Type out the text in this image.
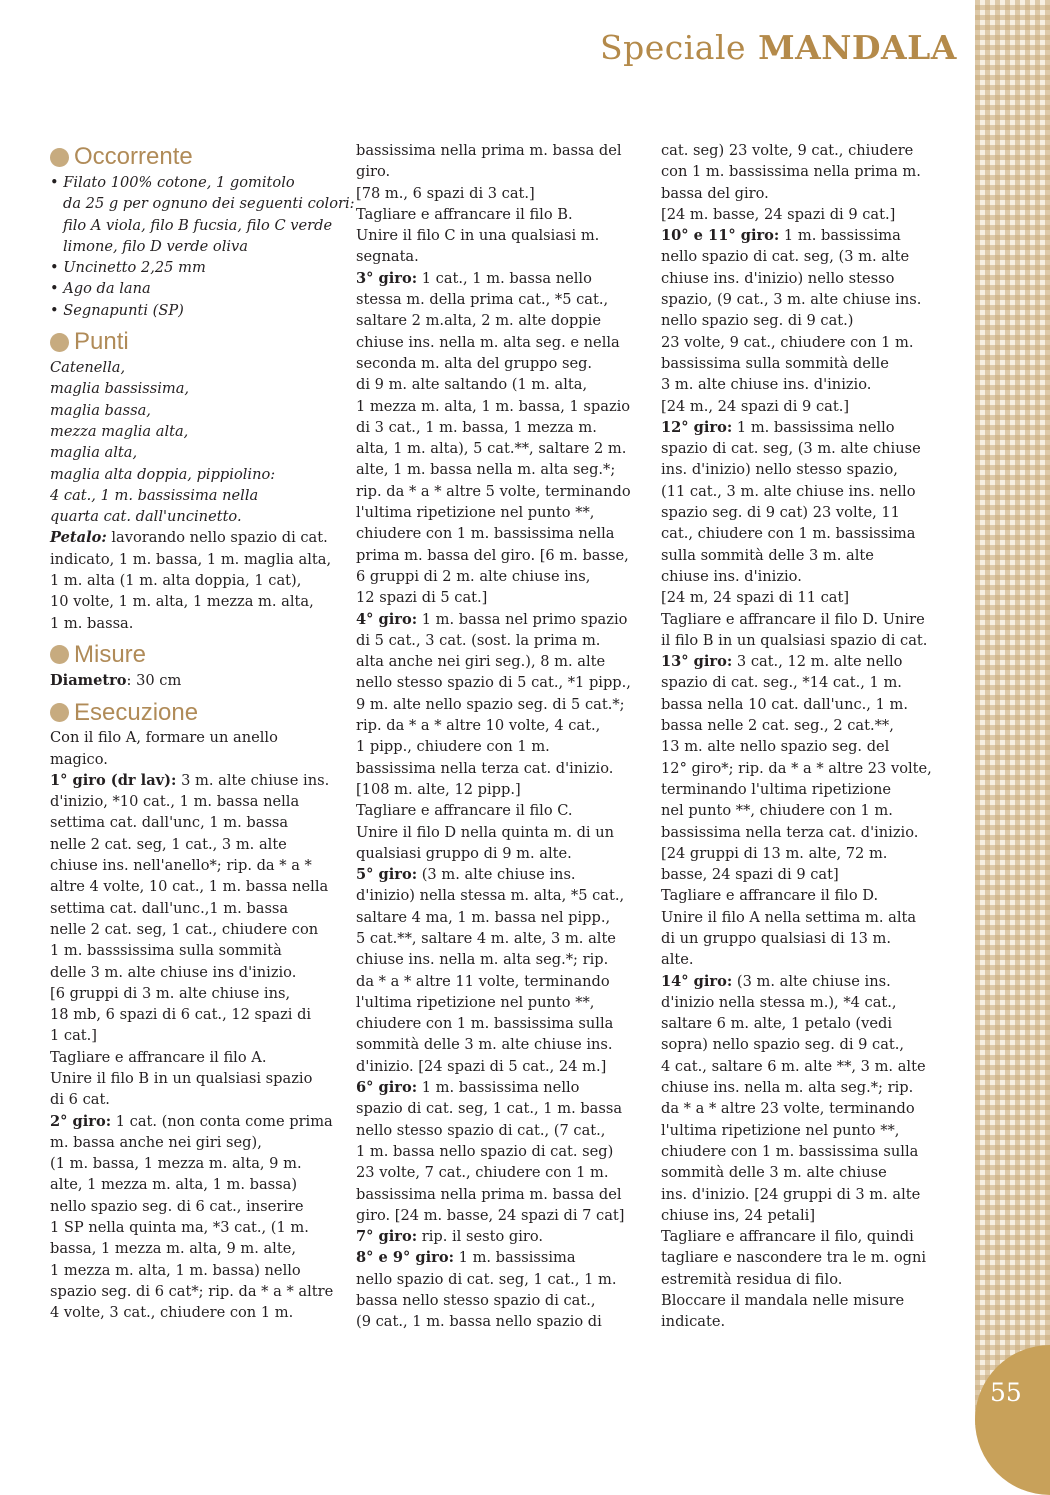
55
Speciale MANDALA
Occorrente
• Filato 100% cotone, 1 gomitolo
da 25 g per ognuno dei seguenti colori:
filo A viola, filo B fucsia, filo C verde
limone, filo D verde oliva
• Uncinetto 2,25 mm
• Ago da lana
• Segnapunti (SP)
Punti
Catenella,
maglia bassissima,
maglia bassa,
mezza maglia alta,
maglia alta,
maglia alta doppia, pippiolino:
4 cat., 1 m. bassissima nella
quarta cat. dall'uncinetto.
Petalo: lavorando nello spazio di cat.
indicato, 1 m. bassa, 1 m. maglia alta,
1 m. alta (1 m. alta doppia, 1 cat),
10 volte, 1 m. alta, 1 mezza m. alta,
1 m. bassa.
Misure
Diametro: 30 cm
Esecuzione
Con il filo A, formare un anello
magico.
1° giro (dr lav): 3 m. alte chiuse ins.
d'inizio, *10 cat., 1 m. bassa nella
settima cat. dall'unc, 1 m. bassa
nelle 2 cat. seg, 1 cat., 3 m. alte
chiuse ins. nell'anello*; rip. da * a *
altre 4 volte, 10 cat., 1 m. bassa nella
settima cat. dall'unc.,1 m. bassa
nelle 2 cat. seg, 1 cat., chiudere con
1 m. basssissima sulla sommità
delle 3 m. alte chiuse ins d'inizio.
[6 gruppi di 3 m. alte chiuse ins,
18 mb, 6 spazi di 6 cat., 12 spazi di
1 cat.]
Tagliare e affrancare il filo A.
Unire il filo B in un qualsiasi spazio
di 6 cat.
2° giro: 1 cat. (non conta come prima
m. bassa anche nei giri seg),
(1 m. bassa, 1 mezza m. alta, 9 m.
alte, 1 mezza m. alta, 1 m. bassa)
nello spazio seg. di 6 cat., inserire
1 SP nella quinta ma, *3 cat., (1 m.
bassa, 1 mezza m. alta, 9 m. alte,
1 mezza m. alta, 1 m. bassa) nello
spazio seg. di 6 cat*; rip. da * a * altre
4 volte, 3 cat., chiudere con 1 m.
bassissima nella prima m. bassa del
giro.
[78 m., 6 spazi di 3 cat.]
Tagliare e affrancare il filo B.
Unire il filo C in una qualsiasi m.
segnata.
3° giro: 1 cat., 1 m. bassa nello
stessa m. della prima cat., *5 cat.,
saltare 2 m.alta, 2 m. alte doppie
chiuse ins. nella m. alta seg. e nella
seconda m. alta del gruppo seg.
di 9 m. alte saltando (1 m. alta,
1 mezza m. alta, 1 m. bassa, 1 spazio
di 3 cat., 1 m. bassa, 1 mezza m.
alta, 1 m. alta), 5 cat.**, saltare 2 m.
alte, 1 m. bassa nella m. alta seg.*;
rip. da * a * altre 5 volte, terminando
l'ultima ripetizione nel punto **,
chiudere con 1 m. bassissima nella
prima m. bassa del giro. [6 m. basse,
6 gruppi di 2 m. alte chiuse ins,
12 spazi di 5 cat.]
4° giro: 1 m. bassa nel primo spazio
di 5 cat., 3 cat. (sost. la prima m.
alta anche nei giri seg.), 8 m. alte
nello stesso spazio di 5 cat., *1 pipp.,
9 m. alte nello spazio seg. di 5 cat.*;
rip. da * a * altre 10 volte, 4 cat.,
1 pipp., chiudere con 1 m.
bassissima nella terza cat. d'inizio.
[108 m. alte, 12 pipp.]
Tagliare e affrancare il filo C.
Unire il filo D nella quinta m. di un
qualsiasi gruppo di 9 m. alte.
5° giro: (3 m. alte chiuse ins.
d'inizio) nella stessa m. alta, *5 cat.,
saltare 4 ma, 1 m. bassa nel pipp.,
5 cat.**, saltare 4 m. alte, 3 m. alte
chiuse ins. nella m. alta seg.*; rip.
da * a * altre 11 volte, terminando
l'ultima ripetizione nel punto **,
chiudere con 1 m. bassissima sulla
sommità delle 3 m. alte chiuse ins.
d'inizio. [24 spazi di 5 cat., 24 m.]
6° giro: 1 m. bassissima nello
spazio di cat. seg, 1 cat., 1 m. bassa
nello stesso spazio di cat., (7 cat.,
1 m. bassa nello spazio di cat. seg)
23 volte, 7 cat., chiudere con 1 m.
bassissima nella prima m. bassa del
giro. [24 m. basse, 24 spazi di 7 cat]
7° giro: rip. il sesto giro.
8° e 9° giro: 1 m. bassissima
nello spazio di cat. seg, 1 cat., 1 m.
bassa nello stesso spazio di cat.,
(9 cat., 1 m. bassa nello spazio di
cat. seg) 23 volte, 9 cat., chiudere
con 1 m. bassissima nella prima m.
bassa del giro.
[24 m. basse, 24 spazi di 9 cat.]
10° e 11° giro: 1 m. bassissima
nello spazio di cat. seg, (3 m. alte
chiuse ins. d'inizio) nello stesso
spazio, (9 cat., 3 m. alte chiuse ins.
nello spazio seg. di 9 cat.)
23 volte, 9 cat., chiudere con 1 m.
bassissima sulla sommità delle
3 m. alte chiuse ins. d'inizio.
[24 m., 24 spazi di 9 cat.]
12° giro: 1 m. bassissima nello
spazio di cat. seg, (3 m. alte chiuse
ins. d'inizio) nello stesso spazio,
(11 cat., 3 m. alte chiuse ins. nello
spazio seg. di 9 cat) 23 volte, 11
cat., chiudere con 1 m. bassissima
sulla sommità delle 3 m. alte
chiuse ins. d'inizio.
[24 m, 24 spazi di 11 cat]
Tagliare e affrancare il filo D. Unire
il filo B in un qualsiasi spazio di cat.
13° giro: 3 cat., 12 m. alte nello
spazio di cat. seg., *14 cat., 1 m.
bassa nella 10 cat. dall'unc., 1 m.
bassa nelle 2 cat. seg., 2 cat.**,
13 m. alte nello spazio seg. del
12° giro*; rip. da * a * altre 23 volte,
terminando l'ultima ripetizione
nel punto **, chiudere con 1 m.
bassissima nella terza cat. d'inizio.
[24 gruppi di 13 m. alte, 72 m.
basse, 24 spazi di 9 cat]
Tagliare e affrancare il filo D.
Unire il filo A nella settima m. alta
di un gruppo qualsiasi di 13 m.
alte.
14° giro: (3 m. alte chiuse ins.
d'inizio nella stessa m.), *4 cat.,
saltare 6 m. alte, 1 petalo (vedi
sopra) nello spazio seg. di 9 cat.,
4 cat., saltare 6 m. alte **, 3 m. alte
chiuse ins. nella m. alta seg.*; rip.
da * a * altre 23 volte, terminando
l'ultima ripetizione nel punto **,
chiudere con 1 m. bassissima sulla
sommità delle 3 m. alte chiuse
ins. d'inizio. [24 gruppi di 3 m. alte
chiuse ins, 24 petali]
Tagliare e affrancare il filo, quindi
tagliare e nascondere tra le m. ogni
estremità residua di filo.
Bloccare il mandala nelle misure
indicate.
